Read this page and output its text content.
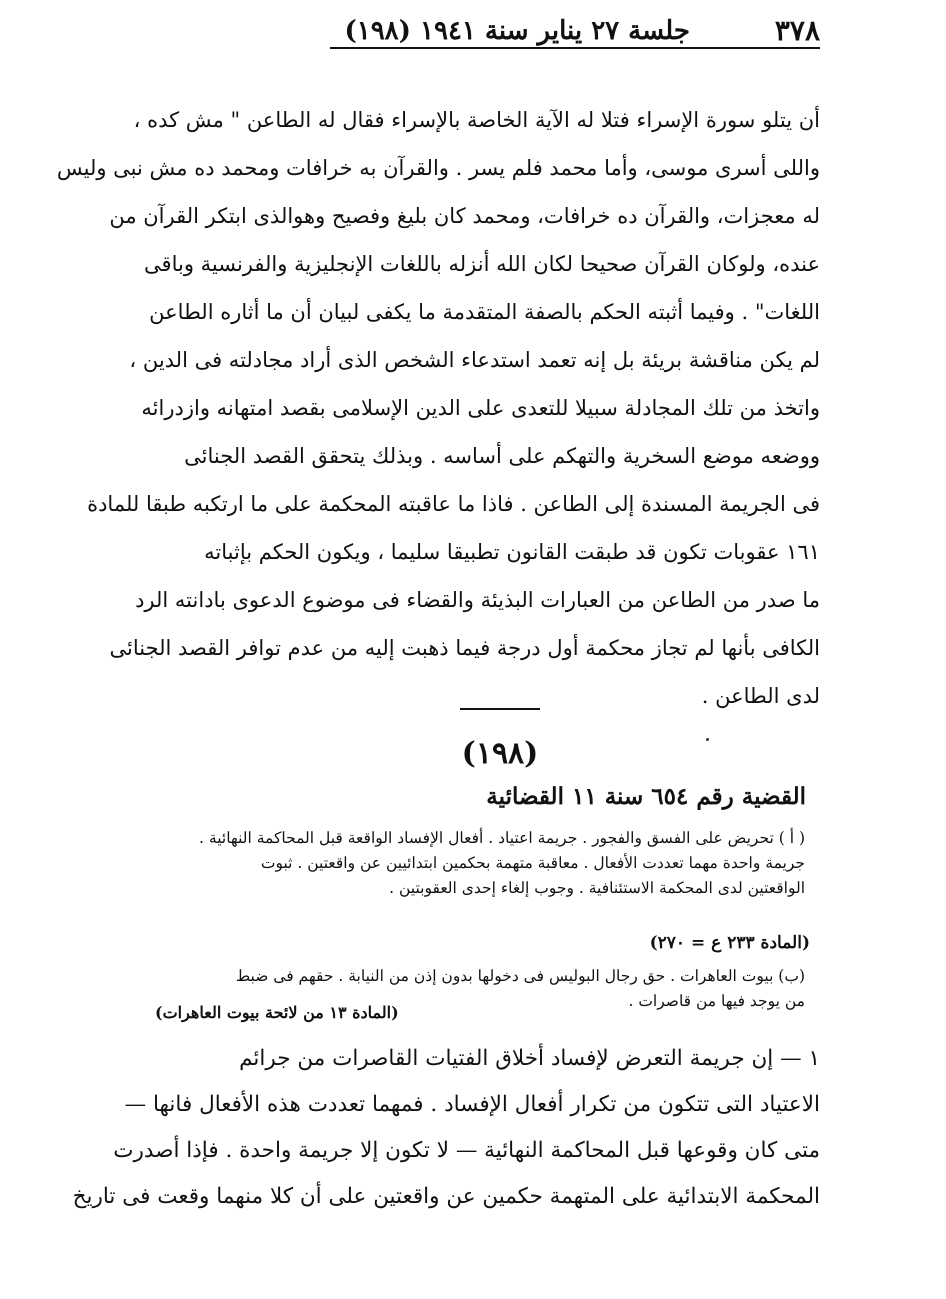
٣٧٨
جلسة ٢٧ يناير سنة ١٩٤١ (١٩٨)
أن يتلو سورة الإسراء فتلا له الآية الخاصة بالإسراء فقال له الطاعن " مش كده ،
واللى أسرى موسى، وأما محمد فلم يسر . والقرآن به خرافات ومحمد ده مش نبى وليس
له معجزات، والقرآن ده خرافات، ومحمد كان بليغ وفصيح وهوالذى ابتكر القرآن من
عنده، ولوكان القرآن صحيحا لكان الله أنزله باللغات الإنجليزية والفرنسية وباقى
اللغات" . وفيما أثبته الحكم بالصفة المتقدمة ما يكفى لبيان أن ما أثاره الطاعن
لم يكن مناقشة بريئة بل إنه تعمد استدعاء الشخص الذى أراد مجادلته فى الدين ،
واتخذ من تلك المجادلة سبيلا للتعدى على الدين الإسلامى بقصد امتهانه وازدرائه
ووضعه موضع السخرية والتهكم على أساسه . وبذلك يتحقق القصد الجنائى
فى الجريمة المسندة إلى الطاعن . فاذا ما عاقبته المحكمة على ما ارتكبه طبقا للمادة
١٦١ عقوبات تكون قد طبقت القانون تطبيقا سليما ، ويكون الحكم بإثباته
ما صدر من الطاعن من العبارات البذيئة والقضاء فى موضوع الدعوى بادانته الرد
الكافى بأنها لم تجاز محكمة أول درجة فيما ذهبت إليه من عدم توافر القصد الجنائى
لدى الطاعن .
(١٩٨)
القضية رقم ٦٥٤ سنة ١١ القضائية
( أ ) تحريض على الفسق والفجور . جريمة اعتياد . أفعال الإفساد الواقعة قبل المحاكمة النهائية .
جريمة واحدة مهما تعددت الأفعال . معاقبة متهمة بحكمين ابتدائيين عن واقعتين . ثبوت
الواقعتين لدى المحكمة الاستئنافية . وجوب إلغاء إحدى العقوبتين .
(المادة ٢٣٣ ع = ٢٧٠)
(ب) بيوت العاهرات . حق رجال البوليس فى دخولها بدون إذن من النيابة . حقهم فى ضبط
من يوجد فيها من قاصرات .
(المادة ١٣ من لائحة بيوت العاهرات)
١ — إن جريمة التعرض لإفساد أخلاق الفتيات القاصرات من جرائم
الاعتياد التى تتكون من تكرار أفعال الإفساد . فمهما تعددت هذه الأفعال فانها —
متى كان وقوعها قبل المحاكمة النهائية — لا تكون إلا جريمة واحدة . فإذا أصدرت
المحكمة الابتدائية على المتهمة حكمين عن واقعتين على أن كلا منهما وقعت فى تاريخ
